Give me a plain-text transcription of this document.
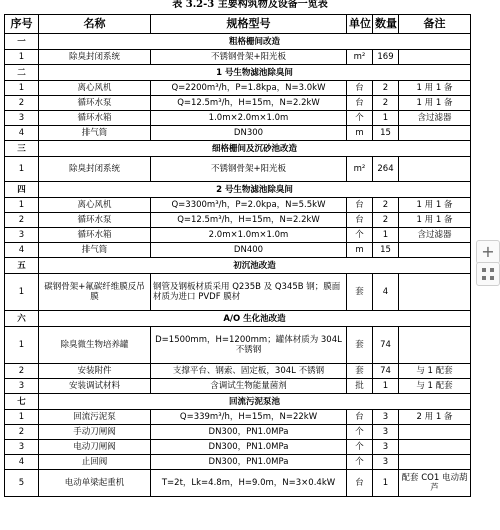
表 3.2-3 主要构筑物及设备一览表
序号	名称	规格型号	单位	数量	备注
一	粗格栅间改造				
1	除臭封闭系统	不锈钢骨架+阳光板	m²	169	
二	1 号生物滤池除臭间				
1	离心风机	Q=2200m³/h，P=1.8kpa，N=3.0kW	台	2	1 用 1 备
2	循环水泵	Q=12.5m³/h，H=15m，N=2.2kW	台	2	1 用 1 备
3	循环水箱	1.0m×2.0m×1.0m	个	1	含过滤器
4	排气筒	DN300	m	15	
三	细格栅间及沉砂池改造				
1	除臭封闭系统	不锈钢骨架+阳光板	m²	264	
四	2 号生物滤池除臭间				
1	离心风机	Q=3300m³/h，P=2.0kpa，N=5.5kW	台	2	1 用 1 备
2	循环水泵	Q=12.5m³/h，H=15m，N=2.2kW	台	2	1 用 1 备
3	循环水箱	2.0m×1.0m×1.0m	个	1	含过滤器
4	排气筒	DN400	m	15	
五	初沉池改造				
1	碳钢骨架+氟碳纤维膜反吊膜	钢管及钢板材质采用 Q235B 及 Q345B 钢；膜面材质为进口 PVDF 膜材	套	4	
六	A/O 生化池改造				
1	除臭微生物培养罐	D=1500mm，H=1200mm；罐体材质为 304L 不锈钢	套	74	
2	安装附件	支撑平台、钢索、固定板，304L 不锈钢	套	74	与 1 配套
3	安装调试材料	含调试生物能量菌剂	批	1	与 1 配套
七	回流污泥泵池				
1	回流污泥泵	Q=339m³/h，H=15m，N=22kW	台	3	2 用 1 备
2	手动刀闸阀	DN300，PN1.0MPa	个	3	
3	电动刀闸阀	DN300，PN1.0MPa	个	3	
4	止回阀	DN300，PN1.0MPa	个	3	
5	电动单梁起重机	T=2t，Lk=4.8m，H=9.0m，N=3×0.4kW	台	1	配套 CO1 电动葫芦
+
